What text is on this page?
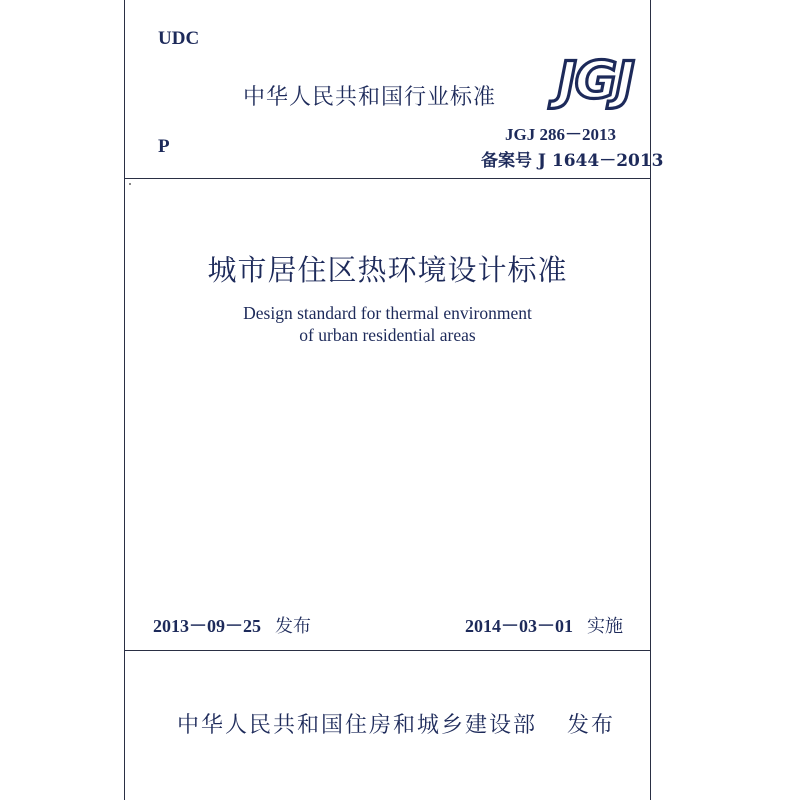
UDC
中华人民共和国行业标准 JGJ
JGJ 286－2013
P
备案号 J 1644－2013
城市居住区热环境设计标准
Design standard for thermal environment
of urban residential areas
2013－09－25 发布	2014－03－01 实施
中华人民共和国住房和城乡建设部 发布
